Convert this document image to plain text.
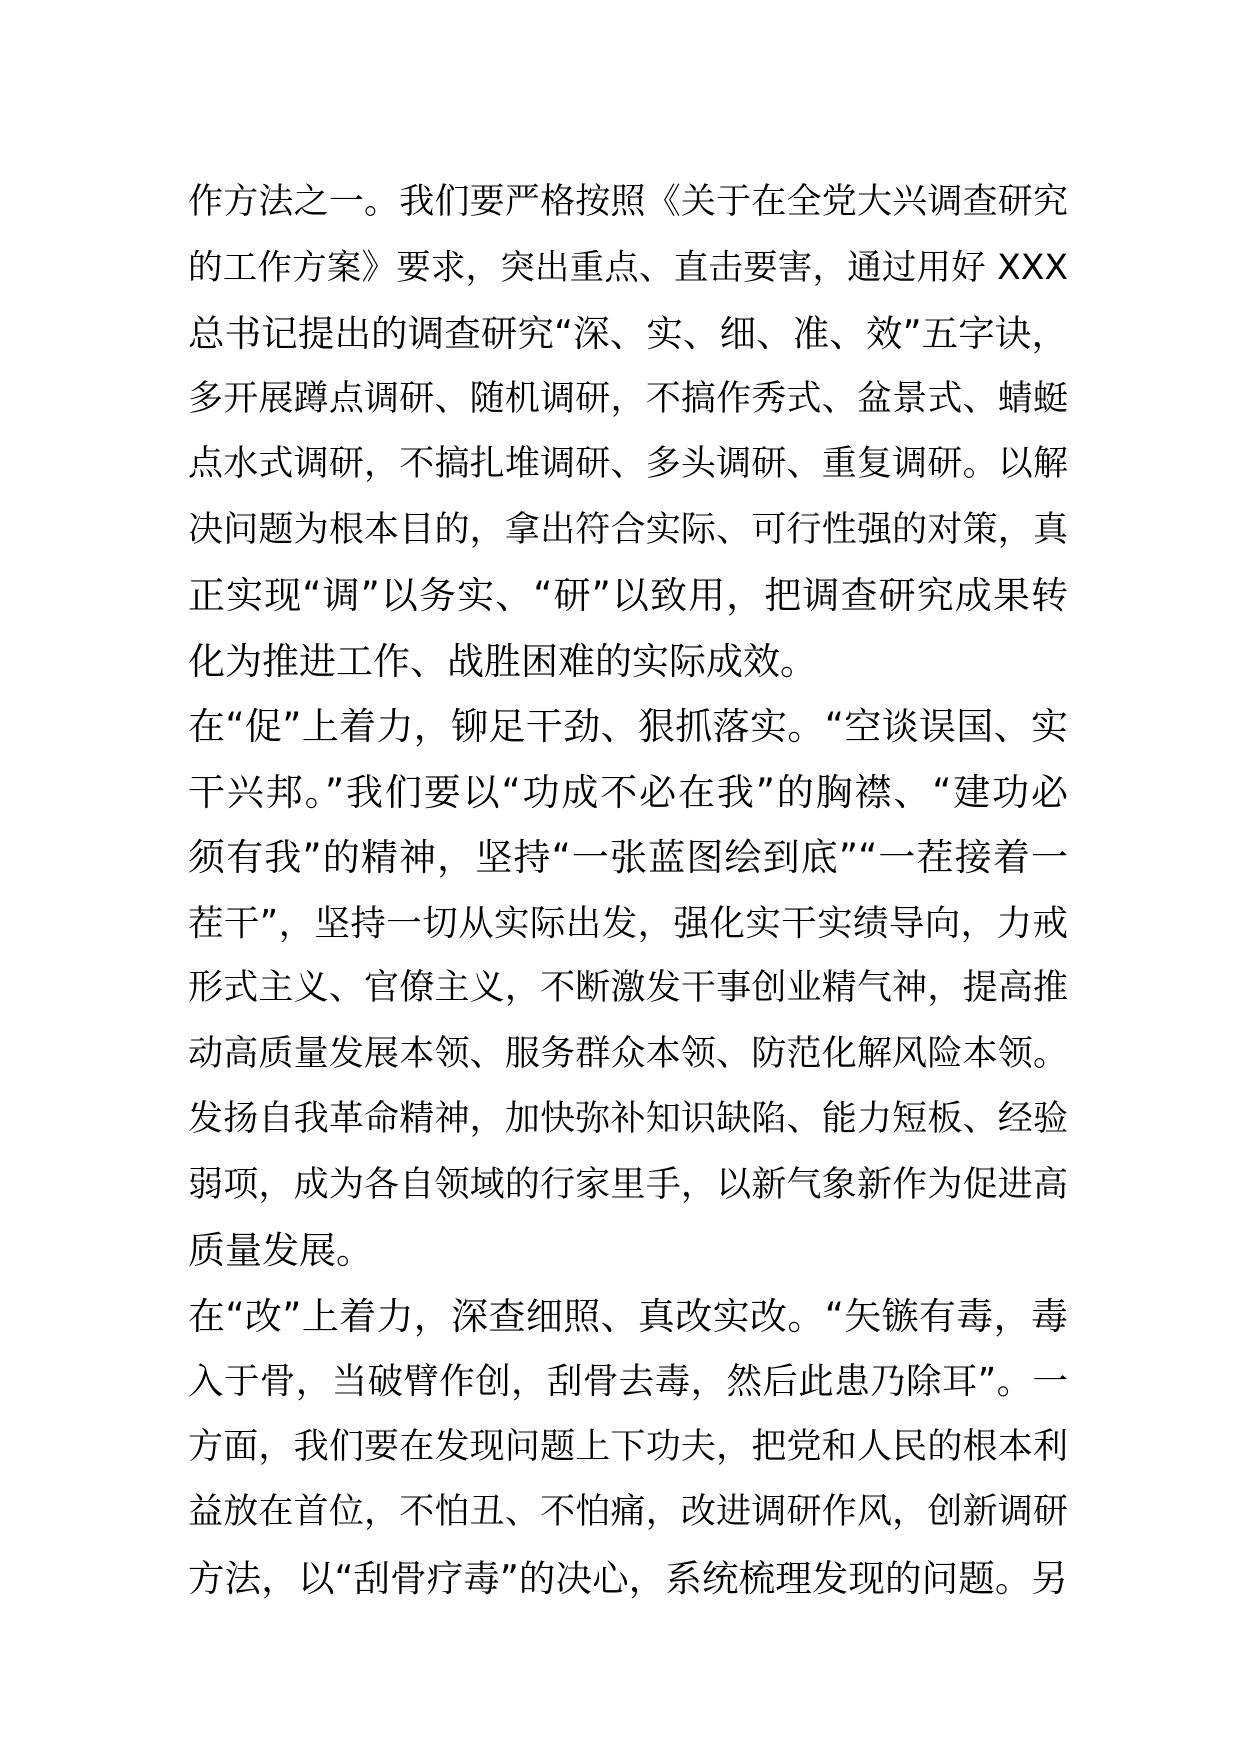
作方法之一。我们要严格按照《关于在全党大兴调查研究
的工作方案》要求，突出重点、直击要害，通过用好 XXX
总书记提出的调查研究“深、实、细、准、效”五字诀，
多开展蹲点调研、随机调研，不搞作秀式、盆景式、蜻蜓
点水式调研，不搞扎堆调研、多头调研、重复调研。以解
决问题为根本目的，拿出符合实际、可行性强的对策，真
正实现“调”以务实、“研”以致用，把调查研究成果转
化为推进工作、战胜困难的实际成效。
在“促”上着力，铆足干劲、狠抓落实。“空谈误国、实
干兴邦。”我们要以“功成不必在我”的胸襟、“建功必
须有我”的精神，坚持“一张蓝图绘到底”“一茬接着一
茬干”，坚持一切从实际出发，强化实干实绩导向，力戒
形式主义、官僚主义，不断激发干事创业精气神，提高推
动高质量发展本领、服务群众本领、防范化解风险本领。
发扬自我革命精神，加快弥补知识缺陷、能力短板、经验
弱项，成为各自领域的行家里手，以新气象新作为促进高
质量发展。
在“改”上着力，深查细照、真改实改。“矢镞有毒，毒
入于骨，当破臂作创，刮骨去毒，然后此患乃除耳”。一
方面，我们要在发现问题上下功夫，把党和人民的根本利
益放在首位，不怕丑、不怕痛，改进调研作风，创新调研
方法，以“刮骨疗毒”的决心，系统梳理发现的问题。另
